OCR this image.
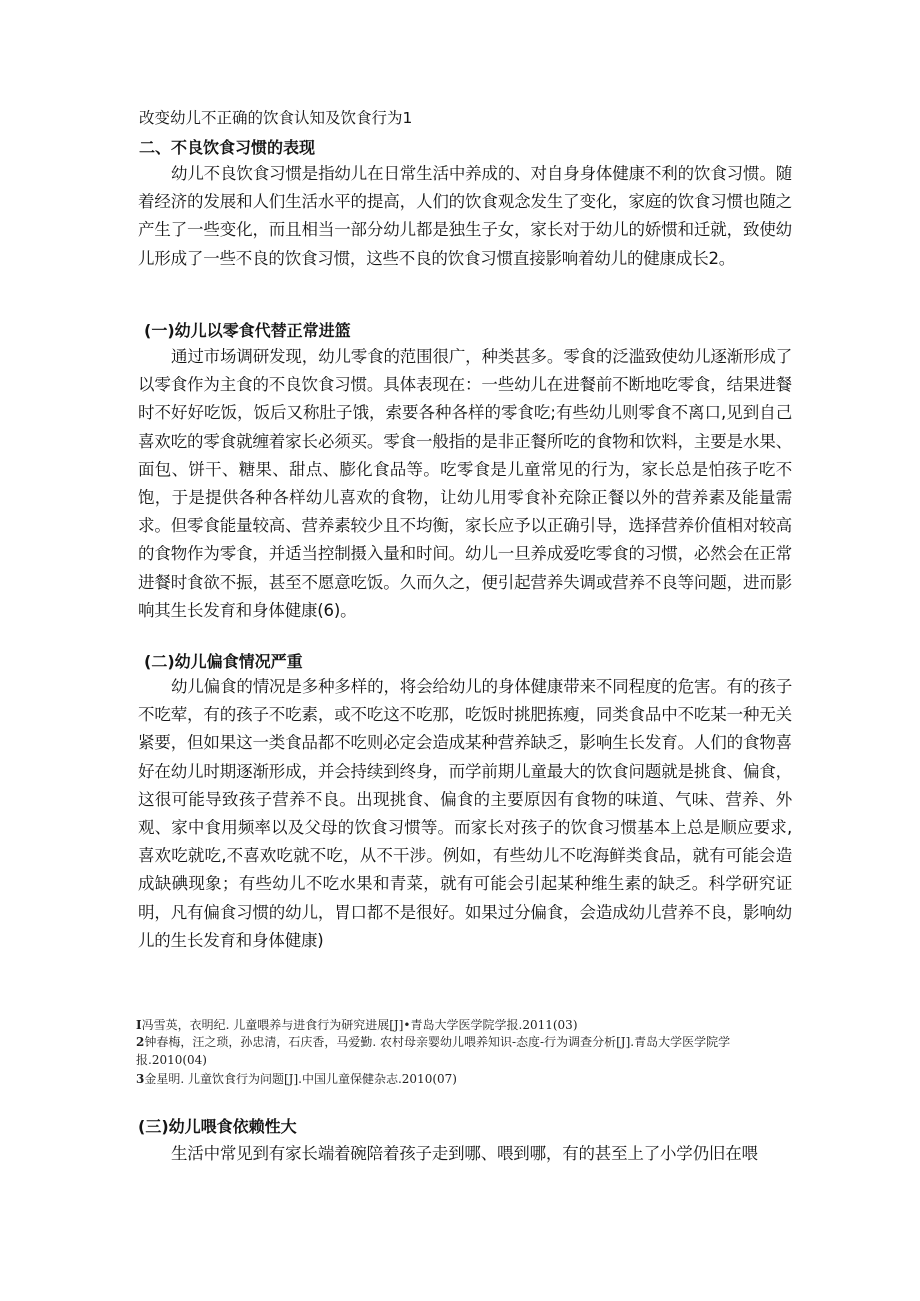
改变幼儿不正确的饮食认知及饮食行为1

二、不良饮食习惯的表现

幼儿不良饮食习惯是指幼儿在日常生活中养成的、对自身身体健康不利的饮食习惯。随着经济的发展和人们生活水平的提高，人们的饮食观念发生了变化，家庭的饮食习惯也随之产生了一些变化，而且相当一部分幼儿都是独生子女，家长对于幼儿的娇惯和迁就，致使幼儿形成了一些不良的饮食习惯，这些不良的饮食习惯直接影响着幼儿的健康成长2。

(一)幼儿以零食代替正常进篮

通过市场调研发现，幼儿零食的范围很广，种类甚多。零食的泛滥致使幼儿逐渐形成了以零食作为主食的不良饮食习惯。具体表现在：一些幼儿在进餐前不断地吃零食，结果进餐时不好好吃饭，饭后又称肚子饿，索要各种各样的零食吃;有些幼儿则零食不离口,见到自己喜欢吃的零食就缠着家长必须买。零食一般指的是非正餐所吃的食物和饮料，主要是水果、面包、饼干、糖果、甜点、膨化食品等。吃零食是儿童常见的行为，家长总是怕孩子吃不饱，于是提供各种各样幼儿喜欢的食物，让幼儿用零食补充除正餐以外的营养素及能量需求。但零食能量较高、营养素较少且不均衡，家长应予以正确引导，选择营养价值相对较高的食物作为零食，并适当控制摄入量和时间。幼儿一旦养成爱吃零食的习惯，必然会在正常进餐时食欲不振，甚至不愿意吃饭。久而久之，便引起营养失调或营养不良等问题，进而影响其生长发育和身体健康(6)。

(二)幼儿偏食情况严重

幼儿偏食的情况是多种多样的，将会给幼儿的身体健康带来不同程度的危害。有的孩子不吃荤，有的孩子不吃素，或不吃这不吃那，吃饭时挑肥拣瘦，同类食品中不吃某一种无关紧要，但如果这一类食品都不吃则必定会造成某种营养缺乏，影响生长发育。人们的食物喜好在幼儿时期逐渐形成，并会持续到终身，而学前期儿童最大的饮食问题就是挑食、偏食，这很可能导致孩子营养不良。出现挑食、偏食的主要原因有食物的味道、气味、营养、外观、家中食用频率以及父母的饮食习惯等。而家长对孩子的饮食习惯基本上总是顺应要求,喜欢吃就吃,不喜欢吃就不吃，从不干涉。例如，有些幼儿不吃海鲜类食品，就有可能会造成缺碘现象；有些幼儿不吃水果和青菜，就有可能会引起某种维生素的缺乏。科学研究证明，凡有偏食习惯的幼儿，胃口都不是很好。如果过分偏食，会造成幼儿营养不良，影响幼儿的生长发育和身体健康)

I冯雪英，衣明纪. 儿童喂养与进食行为研究进展[J]•青岛大学医学院学报.2011(03)

2钟春梅，汪之琐，孙忠清，石庆香，马爱勤. 农村母亲婴幼儿喂养知识-态度-行为调查分析[J].青岛大学医学院学报.2010(04)

3金星明. 儿童饮食行为问题[J].中国儿童保健杂志.2010(07)

(三)幼儿喂食依赖性大

生活中常见到有家长端着碗陪着孩子走到哪、喂到哪，有的甚至上了小学仍旧在喂
